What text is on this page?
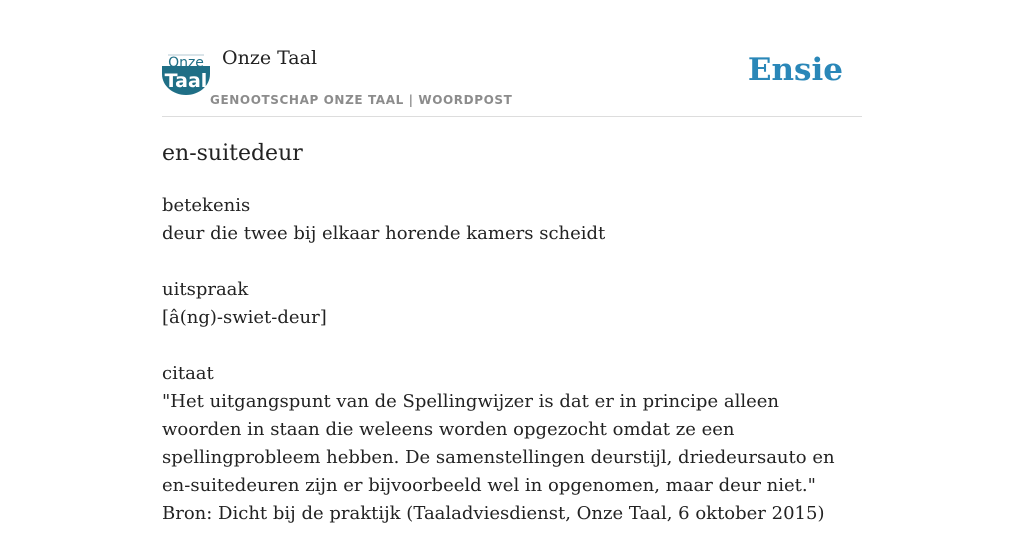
Onze
Taal
Onze Taal
GENOOTSCHAP ONZE TAAL | WOORDPOST
Ensie
en-suitedeur
betekenis
deur die twee bij elkaar horende kamers scheidt
uitspraak
[â(ng)-swiet-deur]
citaat
"Het uitgangspunt van de Spellingwijzer is dat er in principe alleen woorden in staan die weleens worden opgezocht omdat ze een spellingprobleem hebben. De samenstellingen deurstijl, driedeursauto en en-suitedeuren zijn er bijvoorbeeld wel in opgenomen, maar deur niet."
Bron: Dicht bij de praktijk (Taaladviesdienst, Onze Taal, 6 oktober 2015)
